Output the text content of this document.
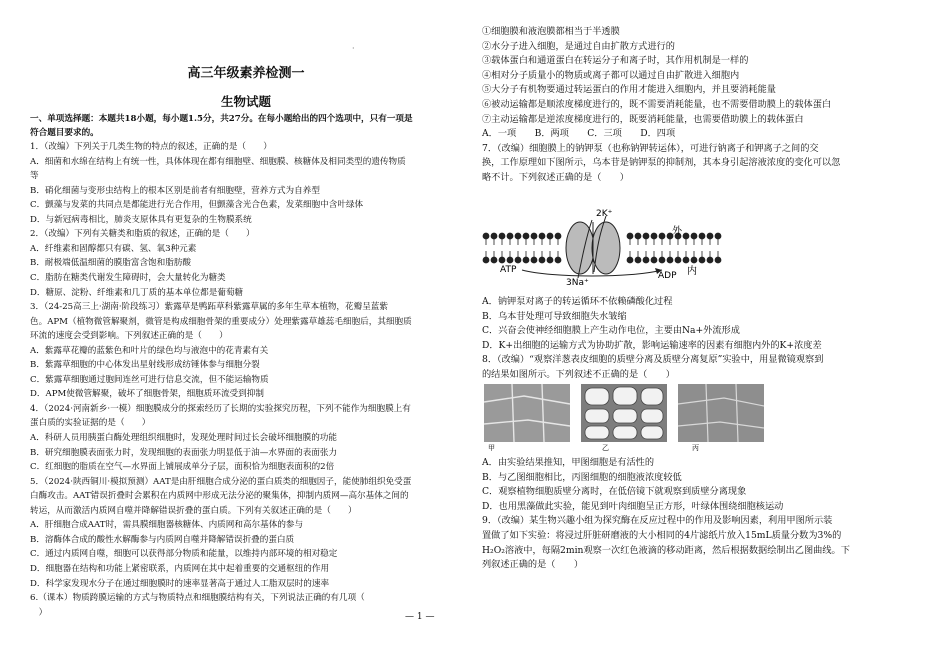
·
高三年级素养检测一
生物试题
一、单项选择题：本题共18小题，每小题1.5分，共27分。在每小题给出的四个选项中，只有一项是
符合题目要求的。
1．（改编）下列关于几类生物的特点的叙述，正确的是（　　）
A．细菌和水绵在结构上有统一性，具体体现在都有细胞壁、细胞膜、核糖体及相同类型的遗传物质
等
B．硝化细菌与变形虫结构上的根本区别是前者有细胞壁，营养方式为自养型
C．颤藻与发菜的共同点是都能进行光合作用，但颤藻含光合色素，发菜细胞中含叶绿体
D．与新冠病毒相比，肺炎支原体具有更复杂的生物膜系统
2．（改编）下列有关糖类和脂质的叙述，正确的是（　　）
A．纤维素和固醇都只有碳、氢、氧3种元素
B．耐极端低温细菌的膜脂富含饱和脂肪酸
C．脂肪在糖类代谢发生障碍时，会大量转化为糖类
D．糖原、淀粉、纤维素和几丁质的基本单位都是葡萄糖
3．（24-25高三上·湖南·阶段练习）紫露草是鸭跖草科紫露草属的多年生草本植物，花瓣呈蓝紫
色。APM（植物微管解聚剂，微管是构成细胞骨架的重要成分）处理紫露草雄蕊毛细胞后，其细胞质
环流的速度会受到影响。下列叙述正确的是（　　）
A．紫露草花瓣的蓝紫色和叶片的绿色均与液泡中的花青素有关
B．紫露草细胞的中心体发出星射线形成纺锤体参与细胞分裂
C．紫露草细胞通过胞间连丝可进行信息交流，但不能运输物质
D．APM使微管解聚，破坏了细胞骨架，细胞质环流受到抑制
4．（2024·河南新乡·一模）细胞膜成分的探索经历了长期的实验探究历程，下列不能作为细胞膜上有
蛋白质的实验证据的是（　　）
A．科研人员用胰蛋白酶处理组织细胞时，发现处理时间过长会破坏细胞膜的功能
B．研究细胞膜表面张力时，发现细胞的表面张力明显低于油—水界面的表面张力
C．红细胞的脂质在空气—水界面上铺展成单分子层，面积恰为细胞表面积的2倍
5．（2024·陕西铜川·模拟预测）AAT是由肝细胞合成分泌的蛋白质类的细胞因子，能使肺组织免受蛋
白酶攻击。AAT错误折叠时会累积在内质网中形成无法分泌的聚集体，抑制内质网—高尔基体之间的
转运，从而激活内质网自噬并降解错误折叠的蛋白质。下列有关叙述正确的是（　　）
A．肝细胞合成AAT时，需具膜细胞器核糖体、内质网和高尔基体的参与
B．溶酶体合成的酸性水解酶参与内质网自噬并降解错误折叠的蛋白质
C．通过内质网自噬，细胞可以获得部分物质和能量，以维持内部环境的相对稳定
D．细胞器在结构和功能上紧密联系，内质网在其中起着重要的交通枢纽的作用
D．科学家发现水分子在通过细胞膜时的速率显著高于通过人工脂双层时的速率
6.（课本）物质跨膜运输的方式与物质特点和细胞膜结构有关，下列说法正确的有几项（
　）
①细胞膜和液泡膜都相当于半透膜
②水分子进入细胞，是通过自由扩散方式进行的
③载体蛋白和通道蛋白在转运分子和离子时，其作用机制是一样的
④相对分子质量小的物质或离子都可以通过自由扩散进入细胞内
⑤大分子有机物要通过转运蛋白的作用才能进入细胞内，并且要消耗能量
⑥被动运输都是顺浓度梯度进行的，既不需要消耗能量，也不需要借助膜上的载体蛋白
⑦主动运输都是逆浓度梯度进行的，既要消耗能量，也需要借助膜上的载体蛋白
A．一项　　B．两项　　C．三项　　D．四项
7．（改编）细胞膜上的钠钾泵（也称钠钾转运体），可进行钠离子和钾离子之间的交
换，工作原理如下图所示，乌本苷是钠钾泵的抑制剂，其本身引起溶液浓度的变化可以忽
略不计。下列叙述正确的是（　　）
2K⁺
外
内
ATP
ADP
3Na⁺
A．钠钾泵对离子的转运循环不依赖磷酸化过程
B．乌本苷处理可导致细胞失水皱缩
C．兴奋会使神经细胞膜上产生动作电位，主要由Na+外流形成
D．K+出细胞的运输方式为协助扩散，影响运输速率的因素有细胞内外的K+浓度差
8．（改编）“观察洋葱表皮细胞的质壁分离及质壁分离复原”实验中，用显微镜观察到
的结果如图所示。下列叙述不正确的是（　　）
甲	乙	丙
A．由实验结果推知，甲图细胞是有活性的
B．与乙图细胞相比，丙图细胞的细胞液浓度较低
C．观察植物细胞质壁分离时，在低倍镜下就观察到质壁分离现象
D．也用黑藻做此实验，能见到叶肉细胞呈正方形，叶绿体围绕细胞核运动
9．（改编）某生物兴趣小组为探究酶在反应过程中的作用及影响因素，利用甲图所示装
置做了如下实验：将浸过肝脏研磨液的大小相同的4片滤纸片放入15mL质量分数为3%的
H₂O₂溶液中，每隔2min观察一次红色液滴的移动距离，然后根据数据绘制出乙图曲线。下
列叙述正确的是（　　）
— 1 —
